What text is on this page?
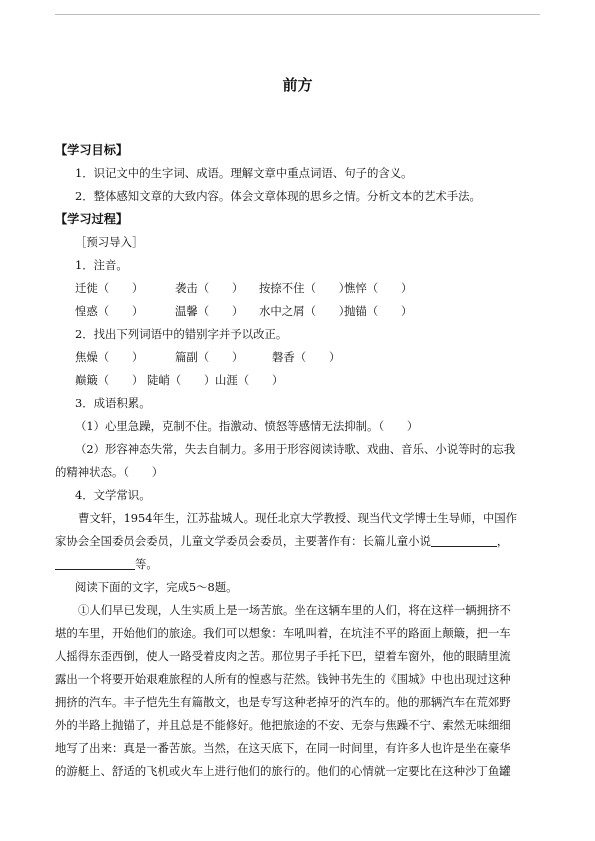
前方
【学习目标】
1．识记文中的生字词、成语。理解文章中重点词语、句子的含义。
2．整体感知文章的大致内容。体会文章体现的思乡之情。分析文本的艺术手法。
【学习过程】
［预习导入］
1．注音。
迁徙（　　）	袭击（　　） 按捺不住（　　）憔悴（　　）
惶惑（　　）	温馨（　　） 水中之屑（　　）抛锚（　　）
2．找出下列词语中的错别字并予以改正。
焦燥（　　）	篇副（　　）	磐香（　　）
巅簸（　　） 陡峭（　　）山涯（　　）
3．成语积累。
（1）心里急躁，克制不住。指激动、愤怒等感情无法抑制。（　　）
（2）形容神态失常，失去自制力。多用于形容阅读诗歌、戏曲、音乐、小说等时的忘我
的精神状态。（　　）
4．文学常识。
曹文轩，1954年生，江苏盐城人。现任北京大学教授、现当代文学博士生导师，中国作
家协会全国委员会委员，儿童文学委员会委员，主要著作有：长篇儿童小说	，
等。
阅读下面的文字，完成5～8题。
①人们早已发现，人生实质上是一场苦旅。坐在这辆车里的人们，将在这样一辆拥挤不
堪的车里，开始他们的旅途。我们可以想象：车吼叫着，在坑洼不平的路面上颠簸，把一车
人摇得东歪西倒，使人一路受着皮肉之苦。那位男子手托下巴，望着车窗外，他的眼睛里流
露出一个将要开始艰难旅程的人所有的惶惑与茫然。钱钟书先生的《围城》中也出现过这种
拥挤的汽车。丰子恺先生有篇散文，也是专写这种老掉牙的汽车的。他的那辆汽车在荒郊野
外的半路上抛锚了，并且总是不能修好。他把旅途的不安、无奈与焦躁不宁、索然无味细细
地写了出来：真是一番苦旅。当然，在这天底下，在同一时间里，有许多人也许是坐在豪华
的游艇上、舒适的飞机或火车上进行他们的旅行的。他们的心情就一定要比在这种沙丁鱼罐
